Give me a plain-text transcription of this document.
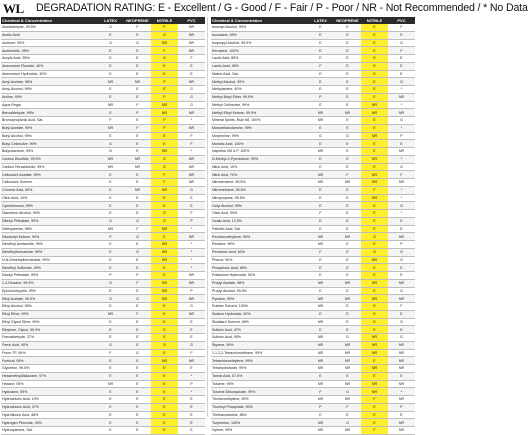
WL DEGRADATION RATING: E - Excellent / G - Good / F - Fair / P - Poor / NR - Not Recommended / * No Data
Chemical & Concentration	LATEX	NEOPRENE	NITRILE	PVC
Acetaldehyde, 99.5%	G	F	P	NR
Acetic Acid	E	E	G	NR
Acetone, 99%	G	G	NR	NR
Acetonitrile, 99%	E	E	F	NR
Acrylic Acid, 95%	E	E	G	F
Ammonium Fluoride, 40%	E	E	E	E
Ammonium Hydroxide, 30%	E	E	E	E
Amyl Acetate, 98%	NR	NR	P	NR
Amyl Alcohol, 99%	E	E	E	G
Aniline, 99%	E	E	P	G
Aqua Regia	NR	F	NR	G
Benzaldehyde, 99%	E	P	NR	NR
Bromopropionic Acid, Sat.	F	E	F	*
Butyl Acetate, 99%	NR	F	P	NR
Butyl Alcohol, 99%	E	E	E	F
Butyl Cellosolve, 99%	G	E	E	F
Butyrolactone, 99%	G	E	NR	*
Carbon Disulfide, 99.9%	NR	NR	G	NR
Carbon Tetrachloride, 99%	NR	NR	G	NR
Cellosolve Acetate, 99%	E	E	F	NR
Cellosolve Solvent	E	E	F	NR
Chromic Acid, 50%	E	NR	NR	G
Citric Acid, 10%	E	E	E	E
Cyclohexanol, 99%	E	E	E	E
Diacetone Alcohol, 99%	E	E	G	F
Dibutyl Phthalate, 99%	G	G	G	P
Diethylamine, 98%	NR	F	NR	*
Diisobutyl Ketone, 99%	P	G	E	NR
Dimethyl Acetamide, 99%	E	E	NR	*
Dimethylformamide, 99%	E	G	NR	*
N,N-Dimethylformamide, 99%	E	E	NR	*
Dimethyl Sulfoxide, 99%	E	E	E	*
Dioctyl Phthalate, 99%	P	P	E	NR
1,4-Dioxane, 99.9%	G	F	NR	NR
Epichlorohydrin, 99%	E	E	NR	P
Ethyl Acetate, 99.5%	G	G	NR	NR
Ethyl Alcohol, 95%	E	E	E	G
Ethyl Ether, 99%	NR	F	E	NR
Ethyl Glycol Ether, 99%	E	E	E	E
Ethylene, Glycol, 99.9%	E	E	E	E
Formaldehyde, 37%	E	E	E	E
Ferric Acid, 90%	G	E	G	G
Freon TF, 99%	F	G	E	F
Furfural, 99%	E	E	NR	NR
Glycerine, 99.5%	E	E	E	E
Hexamethyldisilazane, 97%	E	E	E	*
Hexane, 95%	NR	E	E	P
Hydrazine, 59%	E	E	E	*
Hydrochloric Acid, 10%	E	E	E	E
Hydrochloric Acid, 37%	E	E	E	E
Hydrofluoric Acid, 48%	E	E	E	E
Hydrogen Peroxide, 30%	E	E	E	E
Hydroquinone, Sat.	E	E	E	E
Chemical & Concentration	LATEX	NEOPRENE	NITRILE	PVC
Isobutyl Alcohol, 99%	E	E	E	F
Isooctane, 99%	E	E	E	E
Isopropyl Alcohol, 99.5%	E	E	E	G
Kerosene, 100%	E	E	E	F
Lactic Acid, 85%	E	E	E	E
Lauric Acid, 36%	F	E	E	E
Maleic Acid, Sat.	E	E	E	E
Methyl Alcohol, 99%	E	E	E	G
Methylamine, 40%	E	E	E	*
Methyl Butyl Ether, 99.9%	P	E	E	NR
Methyl Cellosolve, 99%	E	E	NR	*
Methyl Ethyl Ketone, 99.9%	NR	NR	NR	NR
Mineral Spirits, Rule 66, 100%	NR	E	E	G
Monoethanolamine, 99%	E	E	E	*
Morpholine, 99%	G	G	NR	P
Muriatic Acid, 100%	E	E	E	E
Naphtha VM & P, 100%	NR	E	E	NR
N-Methyl-2-Pyrrolidone, 99%	E	E	NR	*
Nitric Acid, 10%	E	E	E	G
Nitric Acid, 70%	NR	F	NR	F
Nitrobenzene, 99.5%	NR	NR	NR	NR
Nitromethane, 95.5%	E	E	F	*
Nitropropane, 95.5%	E	E	NR	*
Octyl Alcohol, 99%	E	E	E	G
Oleic Acid, 99%	F	E	E	*
Oxalic Acid, 12.5%	E	E	E	E
Palmitic Acid, Sat.	E	E	E	E
Perchloroethylene, 99%	NR	NR	G	NR
Pentane, 98%	NR	E	E	P
Perchloric Acid, 60%	F	E	G	G
Phenol, 90%	E	E	NR	G
Phosphoric Acid, 85%	E	E	E	E
Potassium Hydroxide, 50%	E	E	E	E
Propyl Acetate, 98%	NR	NR	NR	NR
Propyl Alcohol, 99.5%	E	E	E	G
Pyridine, 99%	NR	NR	NR	NR
Rubber Solvent, 100%	NR	E	E	F
Sodium Hydroxide, 50%	E	E	E	E
Stoddard Solvent, 98%	NR	E	E	G
Sulfuric Acid, 47%	E	E	E	E
Sulfuric Acid, 95%	NR	G	NR	G
Styrene, 99%	NR	NR	NR	NR
1,1,2,2-Tetrachloroethane, 99%	NR	NR	NR	NR
Tetrachloroethylene, 99%	NR	NR	E	NR
Tetrahydrofuran, 99%	NR	NR	NR	NR
Tannic Acid, 57.5%	E	E	E	E
Toluene, 99%	NR	NR	NR	NR
Toluene Diisocyanate, 99%	F	G	NR	*
Trichloroethylene, 99%	NR	NR	F	NR
Tricresyl Phosphate, 90%	P	F	E	P
Triethanolamine, 85%	E	E	E	E
Turpentine, 100%	NR	G	E	NR
Xylene, 99%	NR	NR	F	NR
